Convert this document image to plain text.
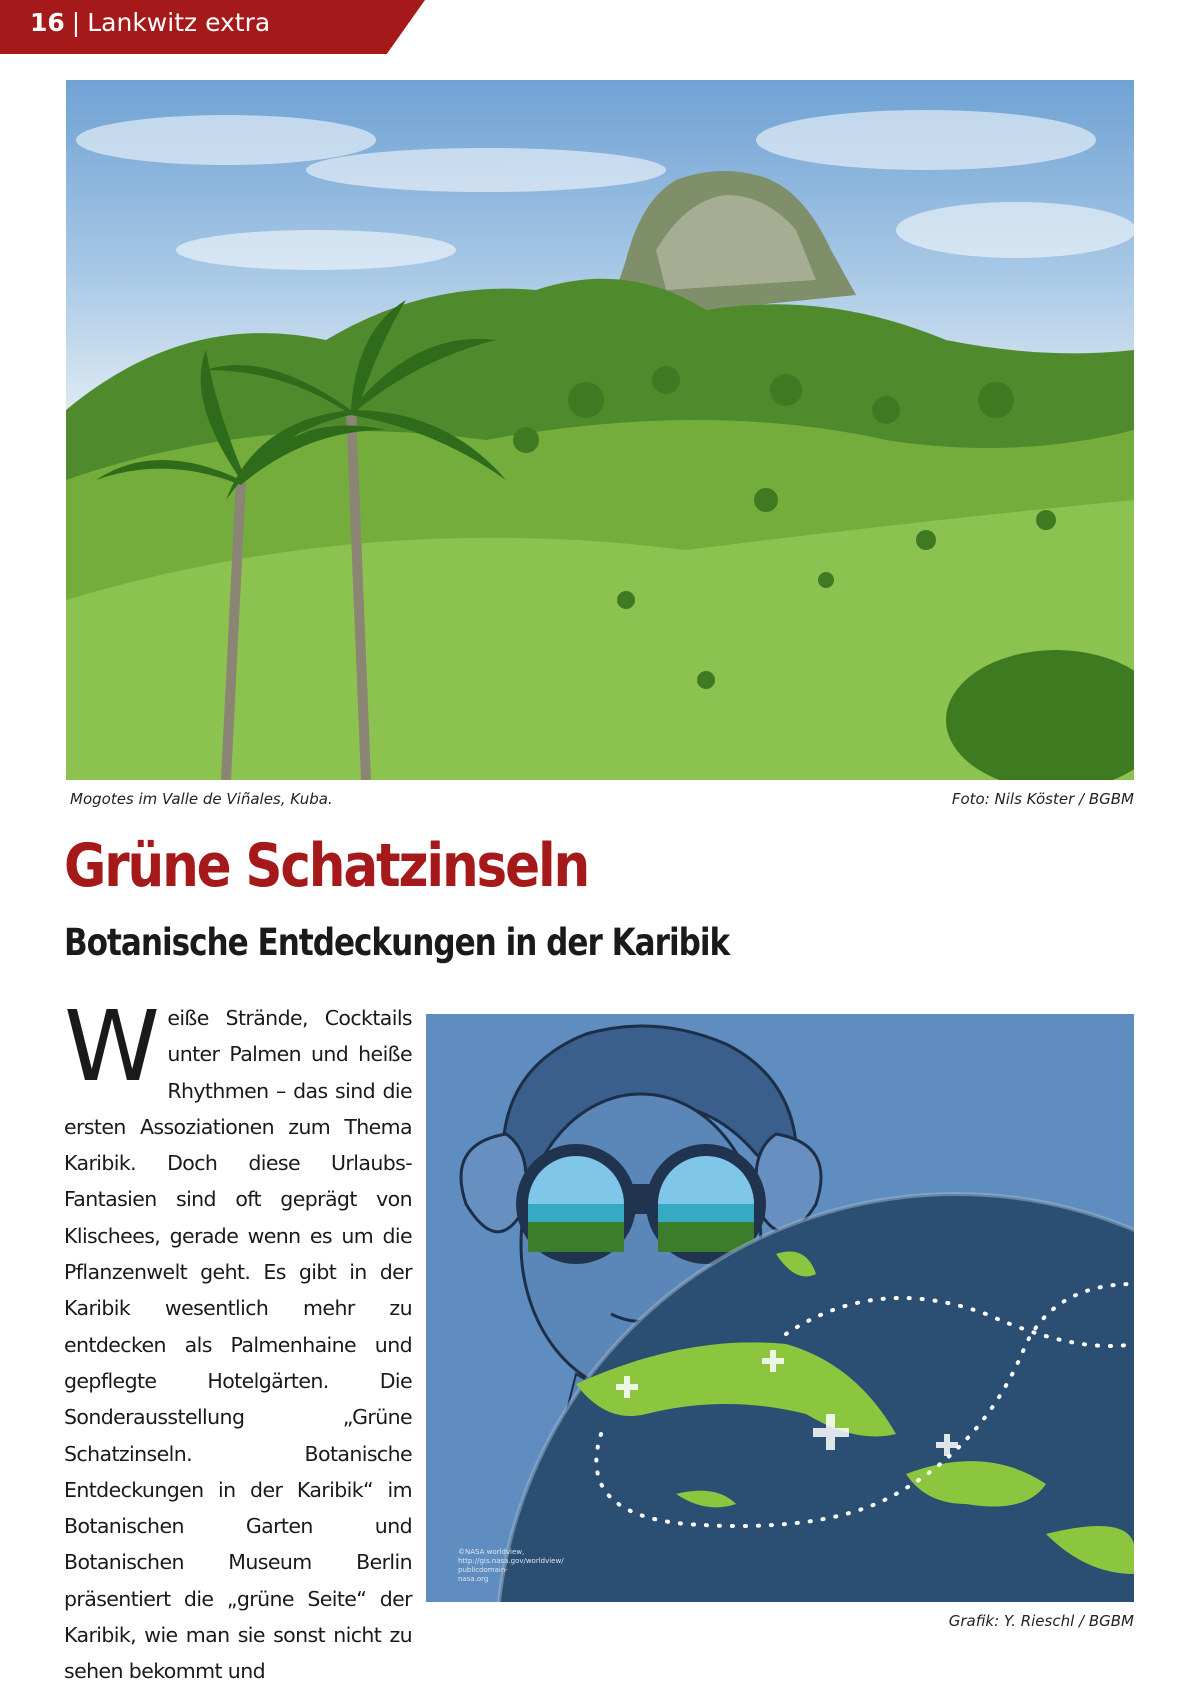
16 | Lankwitz extra
Mogotes im Valle de Viñales, Kuba.	Foto: Nils Köster / BGBM
Grüne Schatzinseln
Botanische Entdeckungen in der Karibik

Weiße Strände, Cocktails unter Palmen und heiße Rhythmen – das sind die ersten Assoziationen zum Thema Karibik. Doch diese Urlaubs-Fantasien sind oft geprägt von Klischees, gerade wenn es um die Pflanzenwelt geht. Es gibt in der Karibik wesentlich mehr zu entdecken als Palmenhaine und gepflegte Hotelgärten. Die Sonderausstellung „Grüne Schatzinseln. Botanische Entdeckungen in der Karibik“ im Botanischen Garten und Botanischen Museum Berlin präsentiert die „grüne Seite“ der Karibik, wie man sie sonst nicht zu sehen bekommt und

©NASA worldview, http://gis.nasa.gov/worldview/ publicdomain-nasa.org
Grafik: Y. Rieschl / BGBM
